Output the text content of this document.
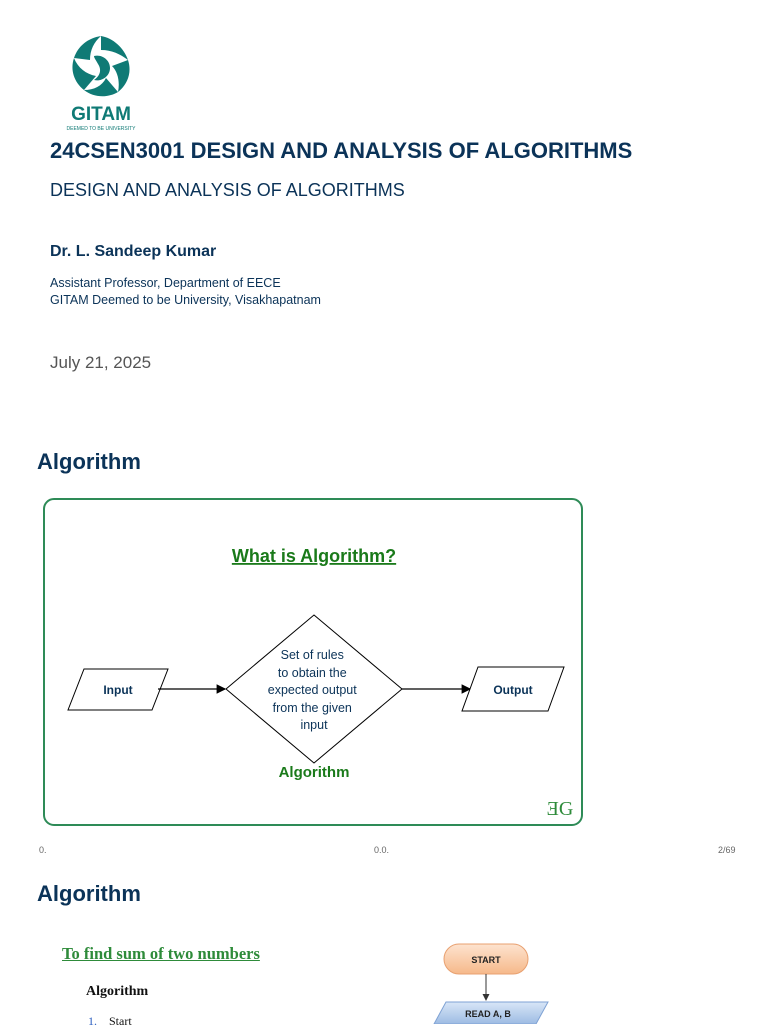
GITAM
DEEMED TO BE UNIVERSITY
24CSEN3001 DESIGN AND ANALYSIS OF ALGORITHMS
DESIGN AND ANALYSIS OF ALGORITHMS
Dr. L. Sandeep Kumar
Assistant Professor, Department of EECE
GITAM Deemed to be University, Visakhapatnam
July 21, 2025
Algorithm
What is Algorithm?
Input
Set of rules to obtain the expected output from the given input
Output
Algorithm
ƎG
0.	0.0.	2/69
Algorithm
To find sum of two numbers
Algorithm
1. Start
START
READ A, B
